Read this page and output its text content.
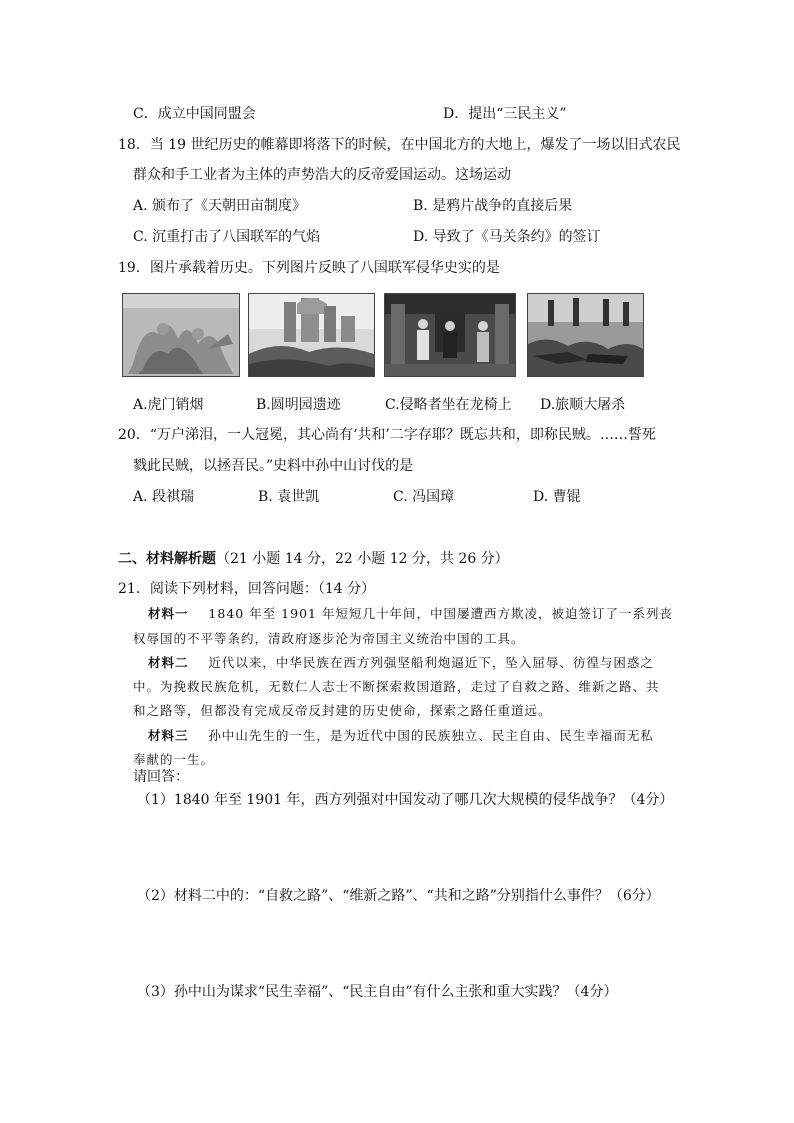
C．成立中国同盟会	D．提出“三民主义”
18．当 19 世纪历史的帷幕即将落下的时候，在中国北方的大地上，爆发了一场以旧式农民
群众和手工业者为主体的声势浩大的反帝爱国运动。这场运动
A. 颁布了《天朝田亩制度》	B. 是鸦片战争的直接后果
C. 沉重打击了八国联军的气焰	D. 导致了《马关条约》的签订
19．图片承载着历史。下列图片反映了八国联军侵华史实的是
A.虎门销烟	B.圆明园遗迹	C.侵略者坐在龙椅上 D.旅顺大屠杀
20．“万户涕泪，一人冠冕，其心尚有‘共和’二字存耶？既忘共和，即称民贼。……誓死
戮此民贼，以拯吾民。”史料中孙中山讨伐的是
A. 段祺瑞	B. 袁世凯	C. 冯国璋	D. 曹锟
二、材料解析题（21 小题 14 分，22 小题 12 分，共 26 分）
21．阅读下列材料，回答问题：（14 分）
材料一 1840 年至 1901 年短短几十年间，中国屡遭西方欺凌，被迫签订了一系列丧
权辱国的不平等条约，清政府逐步沦为帝国主义统治中国的工具。
材料二 近代以来，中华民族在西方列强坚船利炮逼近下，坠入屈辱、彷徨与困惑之
中。为挽救民族危机，无数仁人志士不断探索救国道路，走过了自救之路、维新之路、共
和之路等，但都没有完成反帝反封建的历史使命，探索之路任重道远。
材料三 孙中山先生的一生，是为近代中国的民族独立、民主自由、民生幸福而无私
奉献的一生。
请回答：
（1）1840 年至 1901 年，西方列强对中国发动了哪几次大规模的侵华战争？（4分）
（2）材料二中的：“自救之路”、“维新之路”、“共和之路”分别指什么事件？（6分）
（3）孙中山为谋求“民生幸福”、“民主自由”有什么主张和重大实践？（4分）
